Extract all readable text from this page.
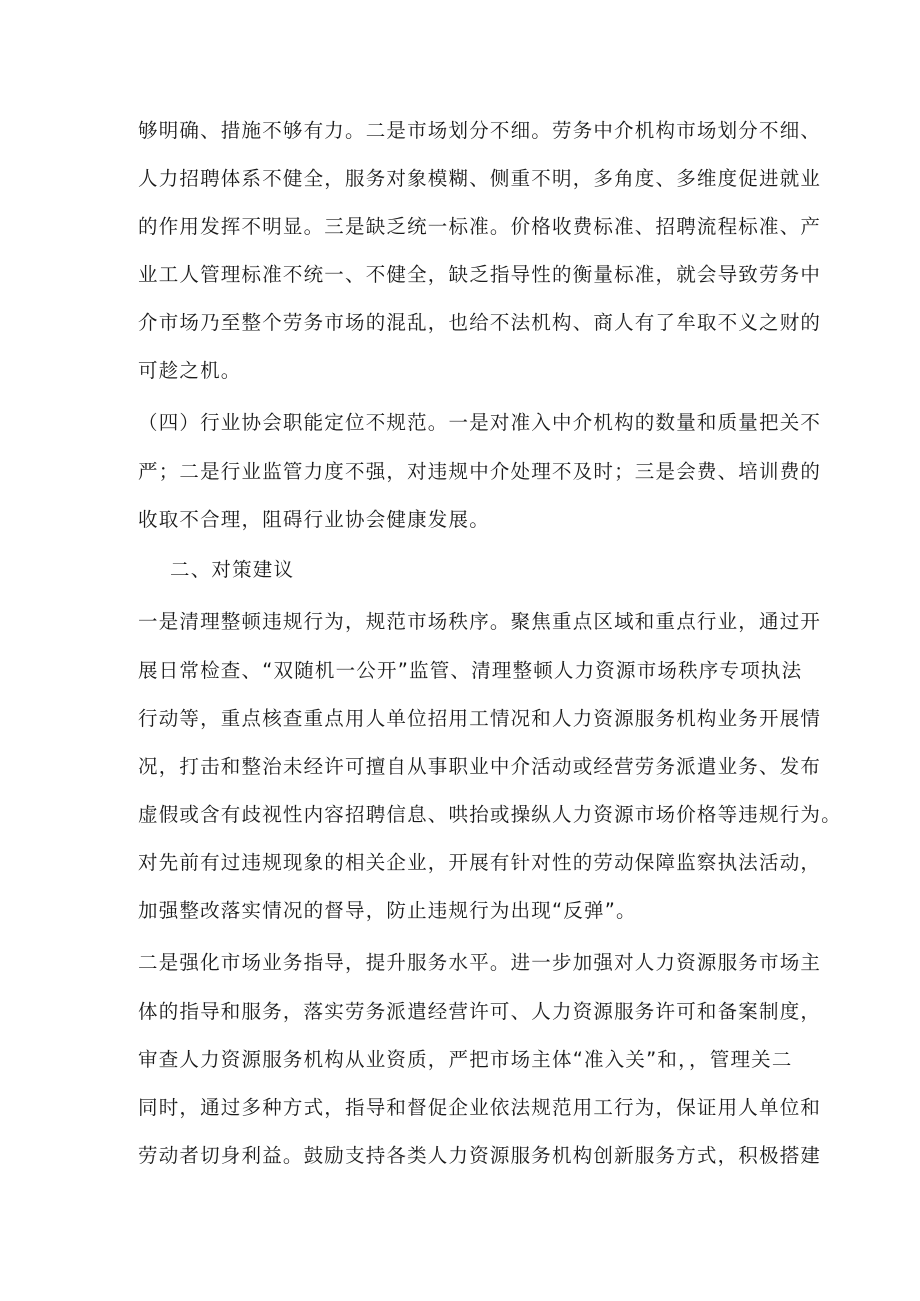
够明确、措施不够有力。二是市场划分不细。劳务中介机构市场划分不细、
人力招聘体系不健全，服务对象模糊、侧重不明，多角度、多维度促进就业
的作用发挥不明显。三是缺乏统一标准。价格收费标准、招聘流程标准、产
业工人管理标准不统一、不健全，缺乏指导性的衡量标准，就会导致劳务中
介市场乃至整个劳务市场的混乱，也给不法机构、商人有了牟取不义之财的
可趁之机。
（四）行业协会职能定位不规范。一是对准入中介机构的数量和质量把关不
严；二是行业监管力度不强，对违规中介处理不及时；三是会费、培训费的
收取不合理，阻碍行业协会健康发展。
二、对策建议
一是清理整顿违规行为，规范市场秩序。聚焦重点区域和重点行业，通过开
展日常检查、“双随机一公开”监管、清理整顿人力资源市场秩序专项执法
行动等，重点核查重点用人单位招用工情况和人力资源服务机构业务开展情
况，打击和整治未经许可擅自从事职业中介活动或经营劳务派遣业务、发布
虚假或含有歧视性内容招聘信息、哄抬或操纵人力资源市场价格等违规行为。
对先前有过违规现象的相关企业，开展有针对性的劳动保障监察执法活动，
加强整改落实情况的督导，防止违规行为出现“反弹”。
二是强化市场业务指导，提升服务水平。进一步加强对人力资源服务市场主
体的指导和服务，落实劳务派遣经营许可、人力资源服务许可和备案制度，
审查人力资源服务机构从业资质，严把市场主体“准入关”和，，管理关二
同时，通过多种方式，指导和督促企业依法规范用工行为，保证用人单位和
劳动者切身利益。鼓励支持各类人力资源服务机构创新服务方式，积极搭建
